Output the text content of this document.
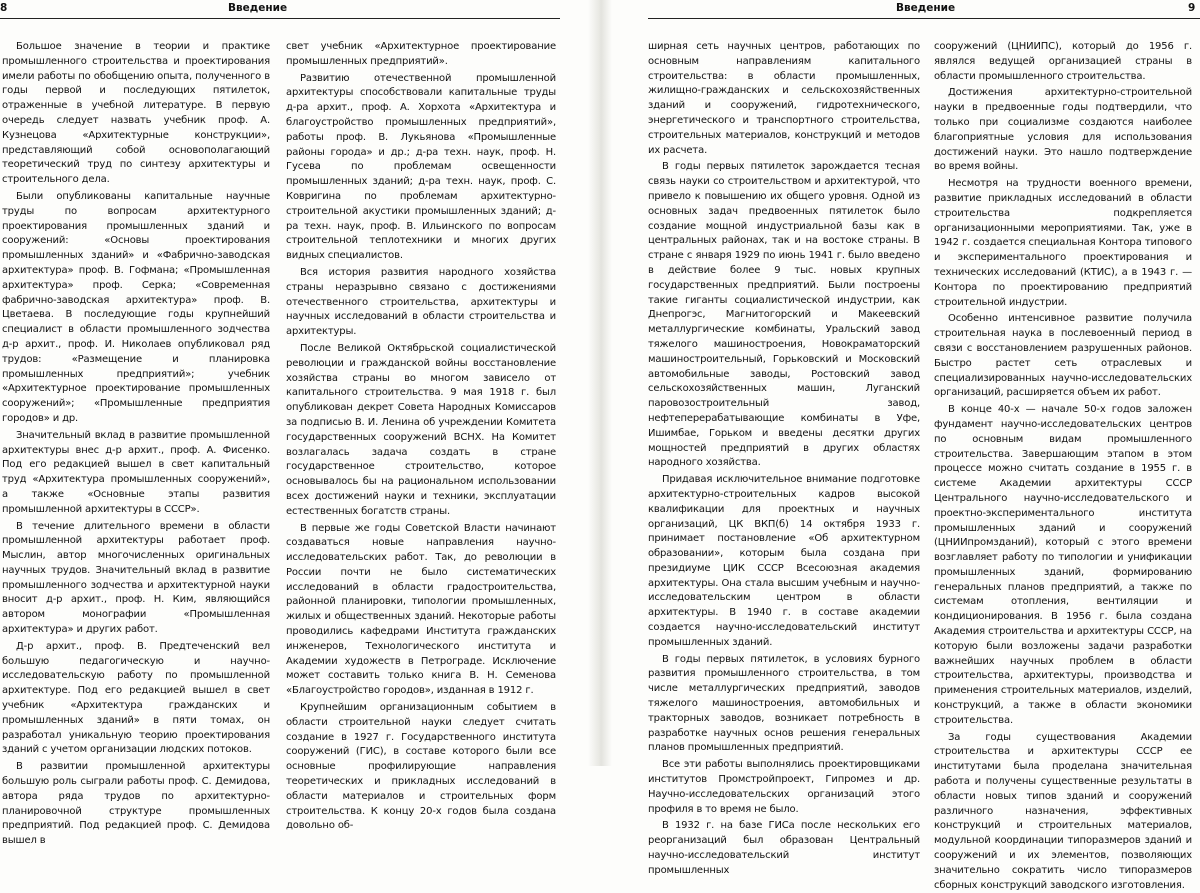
8	Введение

Большое значение в теории и практике промышленного строительства и проектирования имели работы по обобщению опыта, полученного в годы первой и последующих пятилеток, отраженные в учебной литературе. В первую очередь следует назвать учебник проф. А. Кузнецова «Архитектурные конструкции», представляющий собой основополагающий теоретический труд по синтезу архитектуры и строительного дела.

Были опубликованы капитальные научные труды по вопросам архитектурного проектирования промышленных зданий и сооружений: «Основы проектирования промышленных зданий» и «Фабрично-заводская архитектура» проф. В. Гофмана; «Промышленная архитектура» проф. Серка; «Современная фабрично-заводская архитектура» проф. В. Цветаева. В последующие годы крупнейший специалист в области промышленного зодчества д-р архит., проф. И. Николаев опубликовал ряд трудов: «Размещение и планировка промышленных предприятий»; учебник «Архитектурное проектирование промышленных сооружений»; «Промышленные предприятия городов» и др.

Значительный вклад в развитие промышленной архитектуры внес д-р архит., проф. А. Фисенко. Под его редакцией вышел в свет капитальный труд «Архитектура промышленных сооружений», а также «Основные этапы развития промышленной архитектуры в СССР».

В течение длительного времени в области промышленной архитектуры работает проф. Мыслин, автор многочисленных оригинальных научных трудов. Значительный вклад в развитие промышленного зодчества и архитектурной науки вносит д-р архит., проф. Н. Ким, являющийся автором монографии «Промышленная архитектура» и других работ.

Д-р архит., проф. В. Предтеченский вел большую педагогическую и научно-исследовательскую работу по промышленной архитектуре. Под его редакцией вышел в свет учебник «Архитектура гражданских и промышленных зданий» в пяти томах, он разработал уникальную теорию проектирования зданий с учетом организации людских потоков.

В развитии промышленной архитектуры большую роль сыграли работы проф. С. Демидова, автора ряда трудов по архитектурно-планировочной структуре промышленных предприятий. Под редакцией проф. С. Демидова вышел в

свет учебник «Архитектурное проектирование промышленных предприятий».

Развитию отечественной промышленной архитектуры способствовали капитальные труды д-ра архит., проф. А. Хорхота «Архитектура и благоустройство промышленных предприятий», работы проф. В. Лукьянова «Промышленные районы города» и др.; д-ра техн. наук, проф. Н. Гусева по проблемам освещенности промышленных зданий; д-ра техн. наук, проф. С. Ковригина по проблемам архитектурно-строительной акустики промышленных зданий; д-ра техн. наук, проф. В. Ильинского по вопросам строительной теплотехники и многих других видных специалистов.

Вся история развития народного хозяйства страны неразрывно связано с достижениями отечественного строительства, архитектуры и научных исследований в области строительства и архитектуры.

После Великой Октябрьской социалистической революции и гражданской войны восстановление хозяйства страны во многом зависело от капитального строительства. 9 мая 1918 г. был опубликован декрет Совета Народных Комиссаров за подписью В. И. Ленина об учреждении Комитета государственных сооружений ВСНХ. На Комитет возлагалась задача создать в стране государственное строительство, которое основывалось бы на рациональном использовании всех достижений науки и техники, эксплуатации естественных богатств страны.

В первые же годы Советской Власти начинают создаваться новые направления научно-исследовательских работ. Так, до революции в России почти не было систематических исследований в области градостроительства, районной планировки, типологии промышленных, жилых и общественных зданий. Некоторые работы проводились кафедрами Института гражданских инженеров, Технологического института и Академии художеств в Петрограде. Исключение может составить только книга В. Н. Семенова «Благоустройство городов», изданная в 1912 г.

Крупнейшим организационным событием в области строительной науки следует считать создание в 1927 г. Государственного института сооружений (ГИС), в составе которого были все основные профилирующие направления теоретических и прикладных исследований в области материалов и строительных форм строительства. К концу 20-х годов была создана довольно об-

Введение	9

ширная сеть научных центров, работающих по основным направлениям капитального строительства: в области промышленных, жилищно-гражданских и сельскохозяйственных зданий и сооружений, гидротехнического, энергетического и транспортного строительства, строительных материалов, конструкций и методов их расчета.

В годы первых пятилеток зарождается тесная связь науки со строительством и архитектурой, что привело к повышению их общего уровня. Одной из основных задач предвоенных пятилеток было создание мощной индустриальной базы как в центральных районах, так и на востоке страны. В стране с января 1929 по июнь 1941 г. было введено в действие более 9 тыс. новых крупных государственных предприятий. Были построены такие гиганты социалистической индустрии, как Днепрогэс, Магнитогорский и Макеевский металлургические комбинаты, Уральский завод тяжелого машиностроения, Новокраматорский машиностроительный, Горьковский и Московский автомобильные заводы, Ростовский завод сельскохозяйственных машин, Луганский паровозостроительный завод, нефтеперерабатывающие комбинаты в Уфе, Ишимбае, Горьком и введены десятки других мощностей предприятий в других областях народного хозяйства.

Придавая исключительное внимание подготовке архитектурно-строительных кадров высокой квалификации для проектных и научных организаций, ЦК ВКП(б) 14 октября 1933 г. принимает постановление «Об архитектурном образовании», которым была создана при президиуме ЦИК СССР Всесоюзная академия архитектуры. Она стала высшим учебным и научно-исследовательским центром в области архитектуры. В 1940 г. в составе академии создается научно-исследовательский институт промышленных зданий.

В годы первых пятилеток, в условиях бурного развития промышленного строительства, в том числе металлургических предприятий, заводов тяжелого машиностроения, автомобильных и тракторных заводов, возникает потребность в разработке научных основ решения генеральных планов промышленных предприятий.

Все эти работы выполнялись проектировщиками институтов Промстройпроект, Гипромез и др. Научно-исследовательских организаций этого профиля в то время не было.

В 1932 г. на базе ГИСа после нескольких его реорганизаций был образован Центральный научно-исследовательский институт промышленных

сооружений (ЦНИИПС), который до 1956 г. являлся ведущей организацией страны в области промышленного строительства.

Достижения архитектурно-строительной науки в предвоенные годы подтвердили, что только при социализме создаются наиболее благоприятные условия для использования достижений науки. Это нашло подтверждение во время войны.

Несмотря на трудности военного времени, развитие прикладных исследований в области строительства подкрепляется организационными мероприятиями. Так, уже в 1942 г. создается специальная Контора типового и экспериментального проектирования и технических исследований (КТИС), а в 1943 г. — Контора по проектированию предприятий строительной индустрии.

Особенно интенсивное развитие получила строительная наука в послевоенный период в связи с восстановлением разрушенных районов. Быстро растет сеть отраслевых и специализированных научно-исследовательских организаций, расширяется объем их работ.

В конце 40-х — начале 50-х годов заложен фундамент научно-исследовательских центров по основным видам промышленного строительства. Завершающим этапом в этом процессе можно считать создание в 1955 г. в системе Академии архитектуры СССР Центрального научно-исследовательского и проектно-экспериментального института промышленных зданий и сооружений (ЦНИИпромзданий), который с этого времени возглавляет работу по типологии и унификации промышленных зданий, формированию генеральных планов предприятий, а также по системам отопления, вентиляции и кондиционирования. В 1956 г. была создана Академия строительства и архитектуры СССР, на которую были возложены задачи разработки важнейших научных проблем в области строительства, архитектуры, производства и применения строительных материалов, изделий, конструкций, а также в области экономики строительства.

За годы существования Академии строительства и архитектуры СССР ее институтами была проделана значительная работа и получены существенные результаты в области новых типов зданий и сооружений различного назначения, эффективных конструкций и строительных материалов, модульной координации типоразмеров зданий и сооружений и их элементов, позволяющих значительно сократить число типоразмеров сборных конструкций заводского изготовления.
